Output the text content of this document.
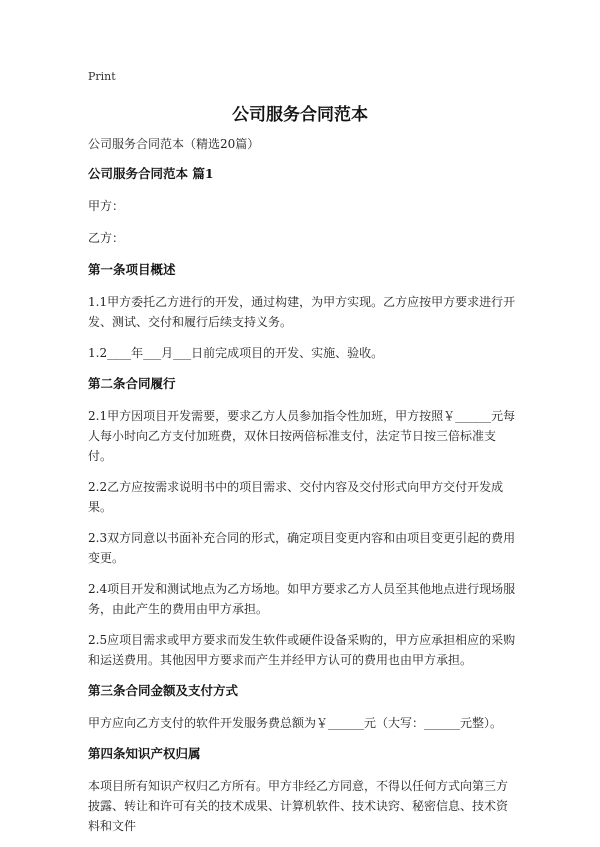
Print
公司服务合同范本

公司服务合同范本（精选20篇）

公司服务合同范本 篇1

甲方：

乙方：

第一条项目概述

1.1甲方委托乙方进行的开发，通过构建，为甲方实现。乙方应按甲方要求进行开发、测试、交付和履行后续支持义务。

1.2____年___月___日前完成项目的开发、实施、验收。

第二条合同履行

2.1甲方因项目开发需要，要求乙方人员参加指令性加班，甲方按照￥______元每人每小时向乙方支付加班费，双休日按两倍标准支付，法定节日按三倍标准支付。

2.2乙方应按需求说明书中的项目需求、交付内容及交付形式向甲方交付开发成果。

2.3双方同意以书面补充合同的形式，确定项目变更内容和由项目变更引起的费用变更。

2.4项目开发和测试地点为乙方场地。如甲方要求乙方人员至其他地点进行现场服务，由此产生的费用由甲方承担。

2.5应项目需求或甲方要求而发生软件或硬件设备采购的，甲方应承担相应的采购和运送费用。其他因甲方要求而产生并经甲方认可的费用也由甲方承担。

第三条合同金额及支付方式

甲方应向乙方支付的软件开发服务费总额为￥______元（大写：______元整）。

第四条知识产权归属

本项目所有知识产权归乙方所有。甲方非经乙方同意，不得以任何方式向第三方披露、转让和许可有关的技术成果、计算机软件、技术诀窍、秘密信息、技术资料和文件
